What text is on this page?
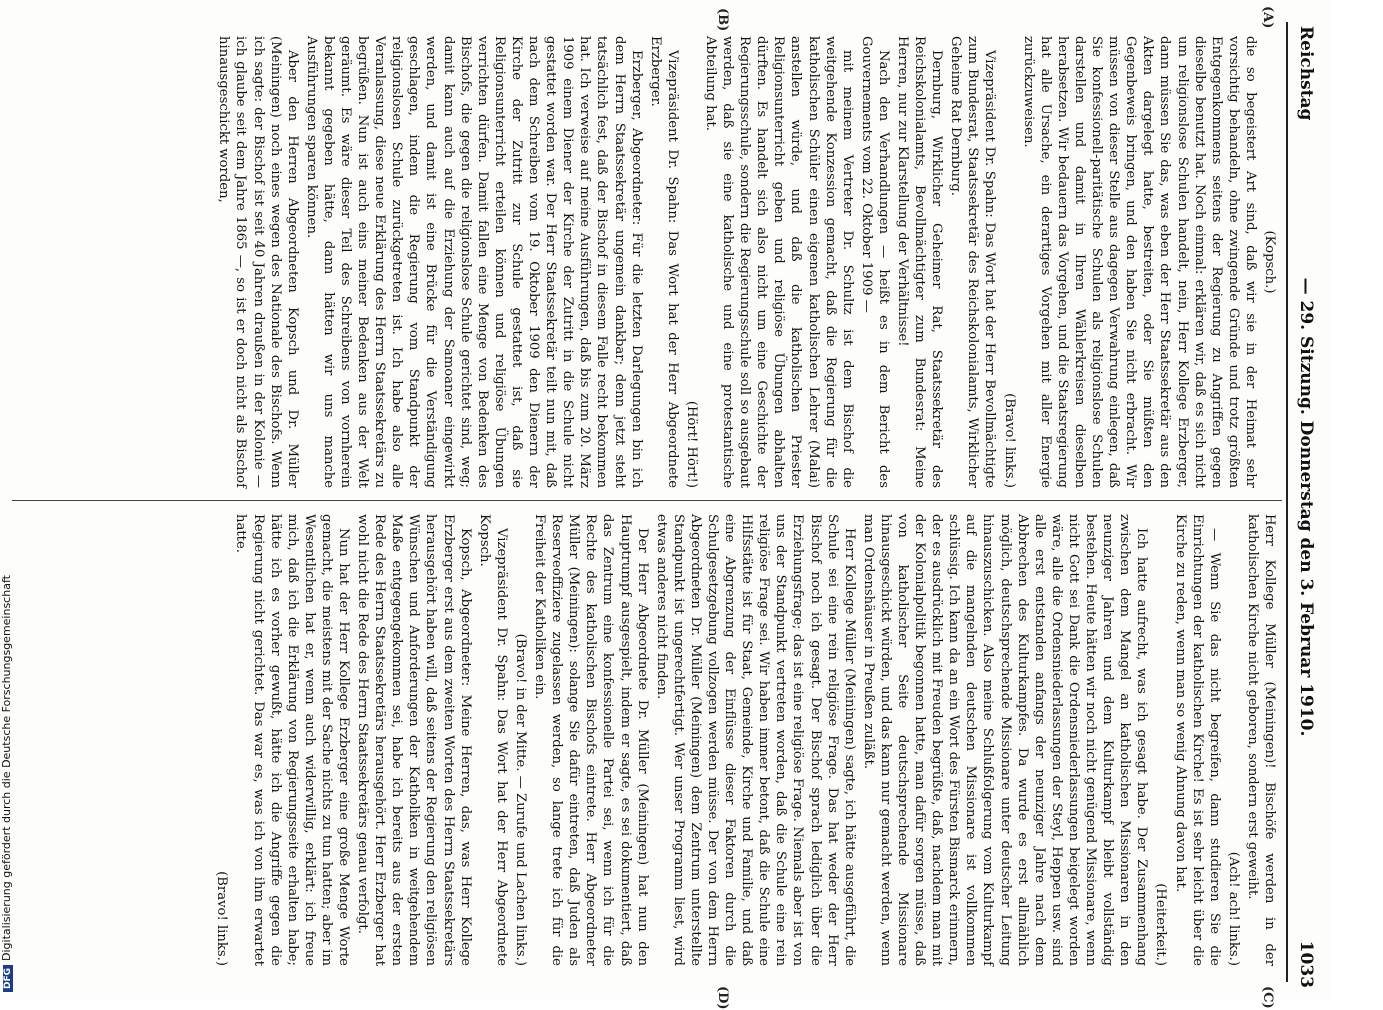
Reichstag
— 29. Sitzung. Donnerstag den 3. Februar 1910.
1033
(A)
(B)
(C)
(D)

(Kopsch.)

die so begeistert Art sind, daß wir sie in der Heimat sehr vorsichtig behandeln, ohne zwingende Gründe und trotz größten Entgegenkommens seitens der Regierung zu Angriffen gegen dieselbe benutzt hat. Noch einmal: erklären wir, daß es sich nicht um religionslose Schulen handelt, nein, Herr Kollege Erzberger, dann müssen Sie das, was eben der Herr Staatssekretär aus den Akten dargelegt hatte, bestreiten, oder Sie müßten den Gegenbeweis bringen, und den haben Sie nicht erbracht. Wir müssen von dieser Stelle aus dagegen Verwahrung einlegen, daß Sie konfessionell-paritätische Schulen als religionslose Schulen darstellen und damit in Ihren Wählerkreisen dieselben herabsetzen. Wir bedauern das Vorgehen, und die Staatsregierung hat alle Ursache, ein derartiges Vorgehen mit aller Energie zurückzuweisen.

(Bravo! links.)

Vizepräsident Dr. Spahn: Das Wort hat der Herr Bevollmächtigte zum Bundesrat, Staatssekretär des Reichskolonialamts, Wirklicher Geheime Rat Dernburg.

Dernburg, Wirklicher Geheimer Rat, Staatssekretär des Reichskolonialamts, Bevollmächtigter zum Bundesrat: Meine Herren, nur zur Klarstellung der Verhältnisse!

Nach den Verhandlungen — heißt es in dem Bericht des Gouvernements vom 22. Oktober 1909 —

mit meinem Vertreter Dr. Schultz ist dem Bischof die weitgehende Konzession gemacht, daß die Regierung für die katholischen Schüler einen eigenen katholischen Lehrer (Malai) anstellen würde, und daß die katholischen Priester Religionsunterricht geben und religiöse Übungen abhalten dürften. Es handelt sich also nicht um eine Geschichte der Regierungsschule, sondern die Regierungsschule soll so ausgebaut werden, daß sie eine katholische und eine protestantische Abteilung hat.

(Hört! Hört!)

Vizepräsident Dr. Spahn: Das Wort hat der Herr Abgeordnete Erzberger.

Erzberger, Abgeordneter: Für die letzten Darlegungen bin ich dem Herrn Staatssekretär ungemein dankbar; denn jetzt steht tatsächlich fest, daß der Bischof in diesem Falle recht bekommen hat. Ich verweise auf meine Ausführungen, daß bis zum 20. März 1909 einem Diener der Kirche der Zutritt in die Schule nicht gestattet worden war. Der Herr Staatssekretär teilt nun mit, daß nach dem Schreiben vom 19. Oktober 1909 den Dienern der Kirche der Zutritt zur Schule gestattet ist, daß sie Religionsunterricht erteilen können und religiöse Übungen verrichten dürfen. Damit fallen eine Menge von Bedenken des Bischofs, die gegen die religionslose Schule gerichtet sind, weg; damit kann auch auf die Erziehung der Samoaner eingewirkt werden, und damit ist eine Brücke für die Verständigung geschlagen, indem die Regierung vom Standpunkt der religionslosen Schule zurückgetreten ist. Ich habe also alle Veranlassung, diese neue Erklärung des Herrn Staatssekretärs zu begrüßen. Nun ist auch eins meiner Bedenken aus der Welt geräumt. Es wäre dieser Teil des Schreibens von vornherein bekannt gegeben hätte, dann hätten wir uns manche Ausführungen sparen können.

Aber den Herren Abgeordneten Kopsch und Dr. Müller (Meiningen) noch eines wegen des Nationale des Bischofs. Wenn ich sagte: der Bischof ist seit 40 Jahren draußen in der Kolonie — ich glaube seit dem Jahre 1865 —, so ist er doch nicht als Bischof hinausgeschickt worden,

Herr Kollege Müller (Meiningen)! Bischöfe werden in der katholischen Kirche nicht geboren, sondern erst geweiht.

(Ach! ach! links.)

— Wenn Sie das nicht begreifen, dann studieren Sie die Einrichtungen der katholischen Kirche! Es ist sehr leicht über die Kirche zu reden, wenn man so wenig Ahnung davon hat.

(Heiterkeit.)

Ich hatte aufrecht, was ich gesagt habe. Der Zusammenhang zwischen dem Mangel an katholischen Missionaren in den neunziger Jahren und dem Kulturkampf bleibt vollständig bestehen. Heute hätten wir noch nicht genügend Missionare, wenn nicht Gott sei Dank die Ordensniederlassungen beigelegt worden wäre, alle die Ordensniederlassungen der Steyl, Heppen usw. sind alle erst entstanden anfangs der neunziger Jahre nach dem Abbrechen des Kulturkampfes. Da wurde es erst allmählich möglich, deutschsprechende Missionare unter deutscher Leitung hinauszuschicken. Also meine Schlußfolgerung vom Kulturkampf auf die mangelnden deutschen Missionare ist vollkommen schlüssig. Ich kann da an ein Wort des Fürsten Bismarck erinnern, der es ausdrücklich mit Freuden begrüßte, daß, nachdem man mit der Kolonialpolitik begonnen hatte, man dafür sorgen müsse, daß von katholischer Seite deutschsprechende Missionare hinausgeschickt würden, und das kann nur gemacht werden, wenn man Ordenshäuser in Preußen zuläßt.

Herr Kollege Müller (Meiningen) sagte, ich hätte ausgeführt, die Schule sei eine rein religiöse Frage. Das hat weder der Herr Bischof noch ich gesagt. Der Bischof sprach lediglich über die Erziehungsfrage; das ist eine religiöse Frage. Niemals aber ist von uns der Standpunkt vertreten worden, daß die Schule eine rein religiöse Frage sei. Wir haben immer betont, daß die Schule eine Hilfsstätte ist für Staat, Gemeinde, Kirche und Familie, und daß eine Abgrenzung der Einflüsse dieser Faktoren durch die Schulgesetzgebung vollzogen werden müsse. Der von dem Herrn Abgeordneten Dr. Müller (Meiningen) dem Zentrum unterstellte Standpunkt ist ungerechtfertigt. Wer unser Programm liest, wird etwas anderes nicht finden.

Der Herr Abgeordnete Dr. Müller (Meiningen) hat nun den Hauptrumpf ausgespielt, indem er sagte, es sei dokumentiert, daß das Zentrum eine konfessionelle Partei sei, wenn ich für die Rechte des katholischen Bischofs eintrete. Herr Abgeordneter Müller (Meiningen): solange Sie dafür eintreten, daß Juden als Reserveoffiziere zugelassen werden, so lange trete ich für die Freiheit der Katholiken ein.

(Bravo! in der Mitte. — Zurufe und Lachen links.)

Vizepräsident Dr. Spahn: Das Wort hat der Herr Abgeordnete Kopsch.

Kopsch, Abgeordneter: Meine Herren, das, was Herr Kollege Erzberger erst aus dem zweiten Worten des Herrn Staatssekretärs herausgehört haben will, daß seitens der Regierung den religiösen Wünschen und Anforderungen der Katholiken in weitgehendem Maße entgegengekommen sei, habe ich bereits aus der ersten Rede des Herrn Staatssekretärs herausgehört. Herr Erzberger hat wohl nicht die Rede des Herrn Staatssekretärs genau verfolgt.

Nun hat der Herr Kollege Erzberger eine große Menge Worte gemacht, die meistens mit der Sache nichts zu tun hatten; aber im Wesentlichen hat er, wenn auch widerwillig, erklärt: ich freue mich, daß ich die Erklärung von Regierungsseite erhalten habe; hätte ich es vorher gewußt, hätte ich die Angriffe gegen die Regierung nicht gerichtet. Das war es, was ich von ihm erwartet hatte.

(Bravo! links.)

DFGDigitalisierung gefördert durch die Deutsche Forschungsgemeinschaft
